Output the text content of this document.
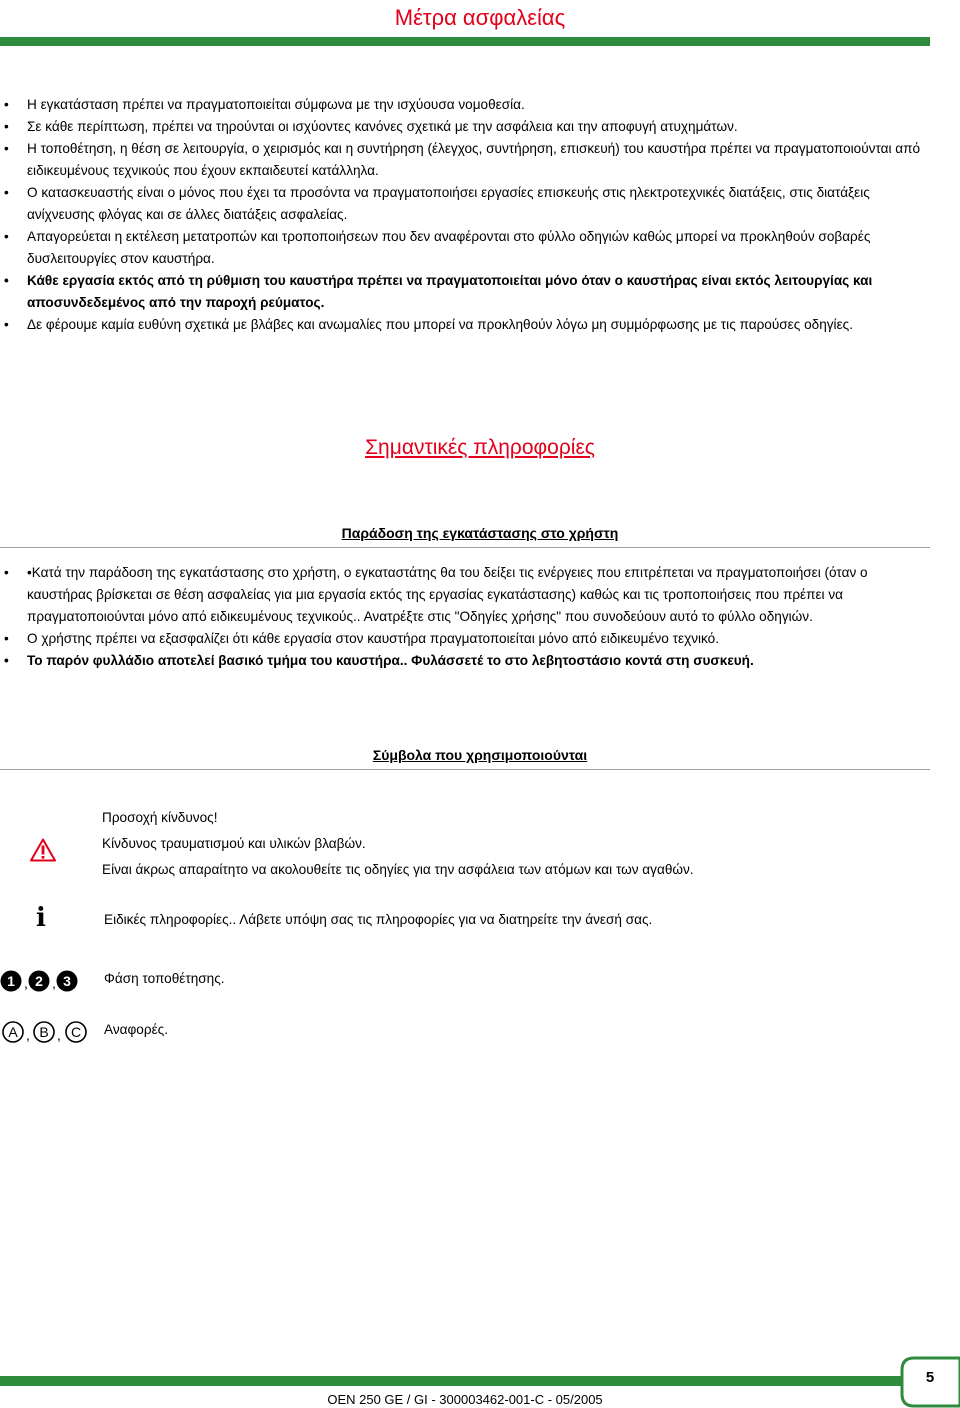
Μέτρα ασφαλείας
• Η εγκατάσταση πρέπει να πραγματοποιείται σύμφωνα με την ισχύουσα νομοθεσία.
• Σε κάθε περίπτωση, πρέπει να τηρούνται οι ισχύοντες κανόνες σχετικά με την ασφάλεια και την αποφυγή ατυχημάτων.
• Η τοποθέτηση, η θέση σε λειτουργία, ο χειρισμός και η συντήρηση (έλεγχος, συντήρηση, επισκευή) του καυστήρα πρέπει να πραγματοποιούνται από ειδικευμένους τεχνικούς που έχουν εκπαιδευτεί κατάλληλα.
• Ο κατασκευαστής είναι ο μόνος που έχει τα προσόντα να πραγματοποιήσει εργασίες επισκευής στις ηλεκτροτεχνικές διατάξεις, στις διατάξεις ανίχνευσης φλόγας και σε άλλες διατάξεις ασφαλείας.
• Απαγορεύεται η εκτέλεση μετατροπών και τροποποιήσεων που δεν αναφέρονται στο φύλλο οδηγιών καθώς μπορεί να προκληθούν σοβαρές δυσλειτουργίες στον καυστήρα.
• Κάθε εργασία εκτός από τη ρύθμιση του καυστήρα πρέπει να πραγματοποιείται μόνο όταν ο καυστήρας είναι εκτός λειτουργίας και αποσυνδεδεμένος από την παροχή ρεύματος.
• Δε φέρουμε καμία ευθύνη σχετικά με βλάβες και ανωμαλίες που μπορεί να προκληθούν λόγω μη συμμόρφωσης με τις παρούσες οδηγίες.
Σημαντικές πληροφορίες
Παράδοση της εγκατάστασης στο χρήστη
• •Κατά την παράδοση της εγκατάστασης στο χρήστη, ο εγκαταστάτης θα του δείξει τις ενέργειες που επιτρέπεται να πραγματοποιήσει (όταν ο καυστήρας βρίσκεται σε θέση ασφαλείας για μια εργασία εκτός της εργασίας εγκατάστασης) καθώς και τις τροποποιήσεις που πρέπει να πραγματοποιούνται μόνο από ειδικευμένους τεχνικούς.. Ανατρέξτε στις "Οδηγίες χρήσης" που συνοδεύουν αυτό το φύλλο οδηγιών.
• Ο χρήστης πρέπει να εξασφαλίζει ότι κάθε εργασία στον καυστήρα πραγματοποιείται μόνο από ειδικευμένο τεχνικό.
• Το παρόν φυλλάδιο αποτελεί βασικό τμήμα του καυστήρα.. Φυλάσσετέ το στο λεβητοστάσιο κοντά στη συσκευή.
Σύμβολα που χρησιμοποιούνται
Προσοχή κίνδυνος!
Κίνδυνος τραυματισμού και υλικών βλαβών.
Είναι άκρως απαραίτητο να ακολουθείτε τις οδηγίες για την ασφάλεια των ατόμων και των αγαθών.
i	Ειδικές πληροφορίες.. Λάβετε υπόψη σας τις πληροφορίες για να διατηρείτε την άνεσή σας.
1 , 2 , 3 Φάση τοποθέτησης.
A , B , C Αναφορές.
OEN 250 GE / GI - 300003462-001-C - 05/2005
5
